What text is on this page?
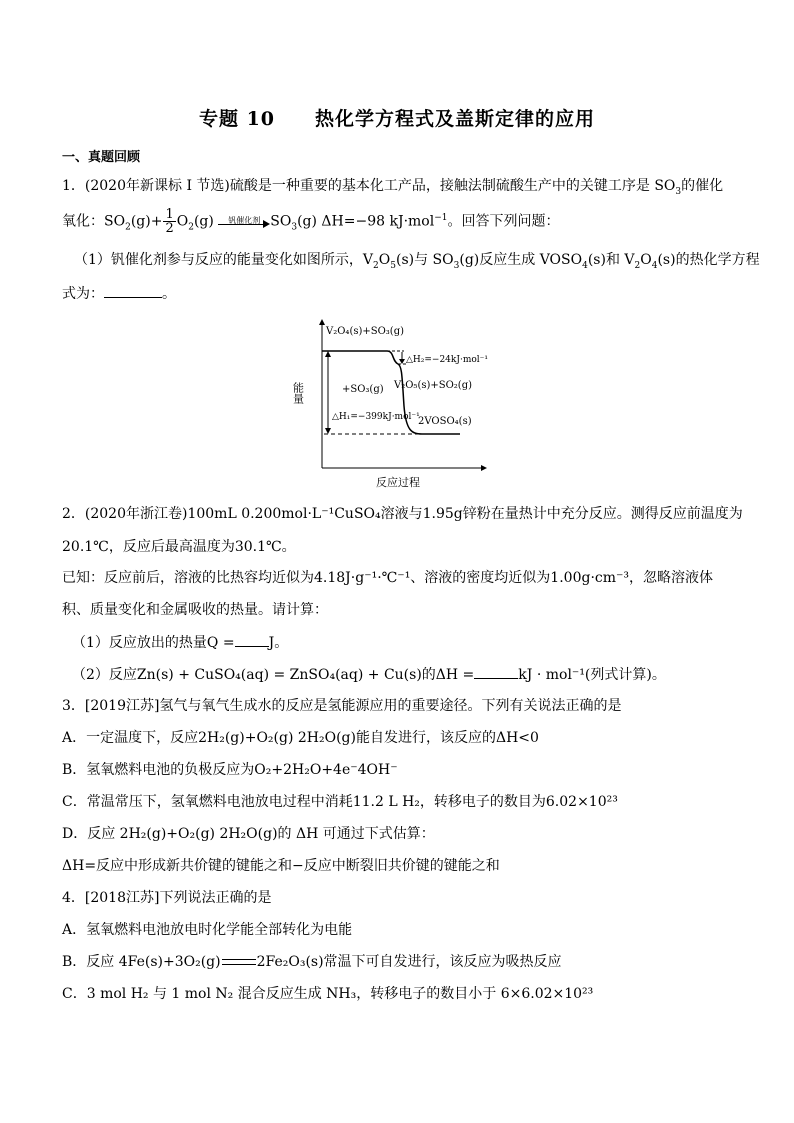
专题 10 热化学方程式及盖斯定律的应用
一、真题回顾
1．(2020年新课标 I 节选)硫酸是一种重要的基本化工产品，接触法制硫酸生产中的关键工序是 $SO_3$的催化
氧化：$SO_2(g)+ \frac{1}{2} O_2(g)$	钒催化剂 $SO_3(g)$ ΔH=−98 kJ·mol$^{-1}$。回答下列问题：
（1）钒催化剂参与反应的能量变化如图所示，$V_2O_5(s)$与 $SO_3(g)$反应生成 $VOSO_4(s)$和 $V_2O_4(s)$的热化学方程
式为：	。
V₂O₄(s)+SO₃(g)
△H₂=−24kJ·mol⁻¹
V₂O₅(s)+SO₂(g)
+SO₃(g)
△H₁=−399kJ·mol⁻¹
2VOSO₄(s)
反应过程
能量
2．(2020年浙江卷)100mL 0.200mol·L⁻¹CuSO₄溶液与1.95g锌粉在量热计中充分反应。测得反应前温度为
20.1℃，反应后最高温度为30.1℃。
已知：反应前后，溶液的比热容均近似为4.18J·g⁻¹·℃⁻¹、溶液的密度均近似为1.00g·cm⁻³，忽略溶液体
积、质量变化和金属吸收的热量。请计算：
（1）反应放出的热量Q = J。
（2）反应Zn(s) + CuSO₄(aq) = ZnSO₄(aq) + Cu(s)的ΔH =	kJ · mol⁻¹(列式计算)。
3．[2019江苏]氢气与氧气生成水的反应是氢能源应用的重要途径。下列有关说法正确的是
A．一定温度下，反应2H₂(g)+O₂(g) 2H₂O(g)能自发进行，该反应的ΔH<0
B．氢氧燃料电池的负极反应为O₂+2H₂O+4e⁻4OH⁻
C．常温常压下，氢氧燃料电池放电过程中消耗11.2 L H₂，转移电子的数目为6.02×10²³
D．反应 2H₂(g)+O₂(g) 2H₂O(g)的 ΔH 可通过下式估算：
ΔH=反应中形成新共价键的键能之和−反应中断裂旧共价键的键能之和
4．[2018江苏]下列说法正确的是
A．氢氧燃料电池放电时化学能全部转化为电能
B．反应 4Fe(s)+3O₂(g)	2Fe₂O₃(s)常温下可自发进行，该反应为吸热反应
C．3 mol H₂ 与 1 mol N₂ 混合反应生成 NH₃，转移电子的数目小于 6×6.02×10²³
